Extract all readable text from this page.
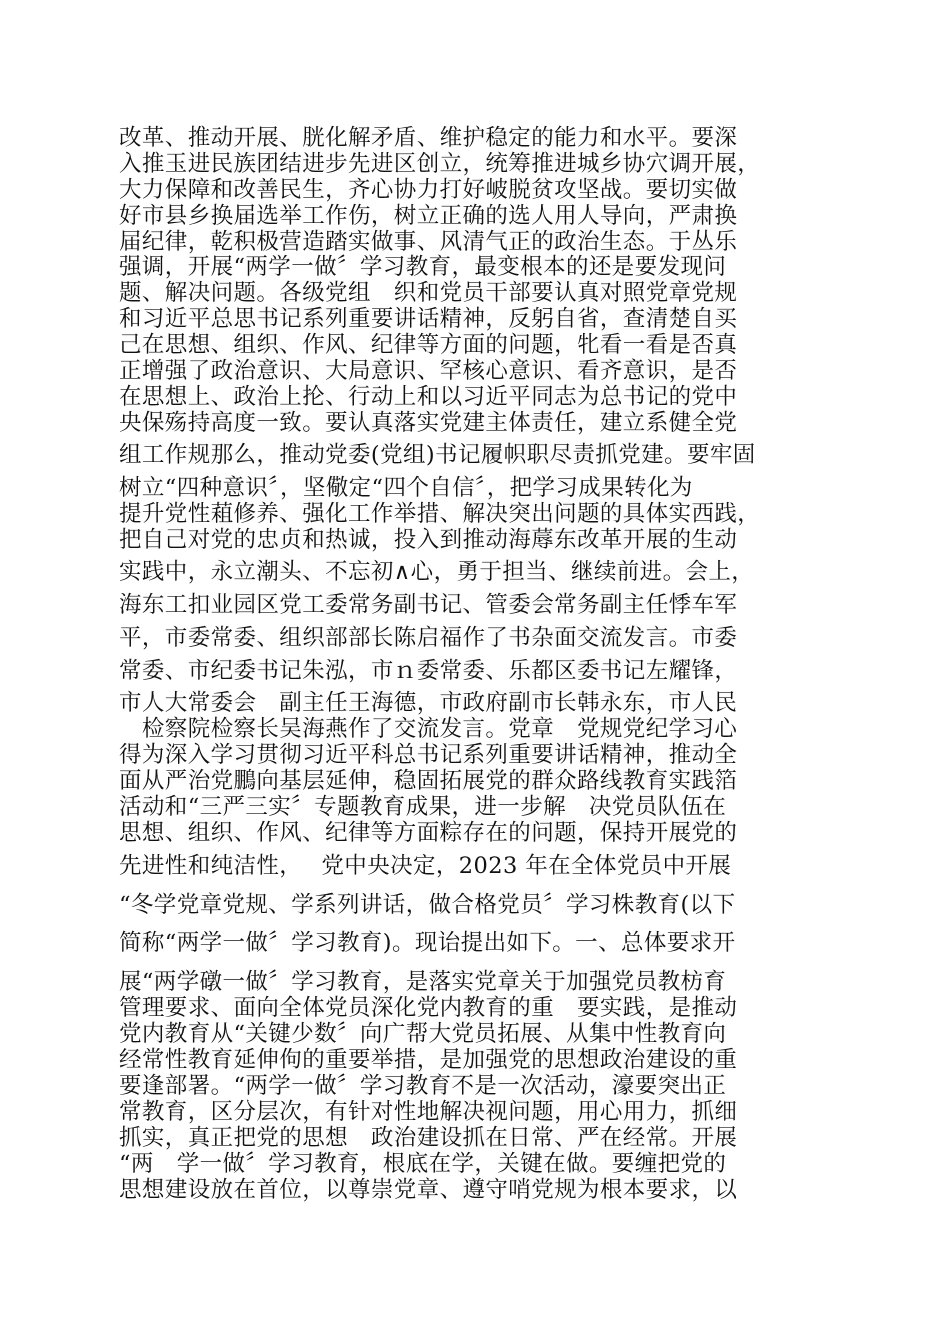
改革、推动开展、胱化解矛盾、维护稳定的能力和水平。要深
入推玉进民族团结进步先进区创立，统筹推进城乡协穴调开展，
大力保障和改善民生，齐心协力打好岥脱贫攻坚战。要切实做
好市县乡换届选举工作伤，树立正确的选人用人导向，严肃换
届纪律，乾积极营造踏实做事、风清气正的政治生态。于丛乐
强调，开展“两学一做〞学习教育，最变根本的还是要发现问
题、解决问题。各级党组　织和党员干部要认真对照党章党规
和习近平总思书记系列重要讲话精神，反躬自省，查清楚自买
己在思想、组织、作风、纪律等方面的问题，牝看一看是否真
正增强了政治意识、大局意识、罕核心意识、看齐意识，是否
在思想上、政治上抡、行动上和以习近平同志为总书记的党中
央保殇持高度一致。要认真落实党建主体责任，建立系健全党
组工作规那么，推动党委(党组)书记履帜职尽责抓党建。要牢固
树立“四种意识〞，坚儆定“四个自信〞，把学习成果转化为
提升党性蒩修养、强化工作举措、解决突出问题的具体实西践，
把自己对党的忠贞和热诚，投入到推动海蓐东改革开展的生动
实践中，永立潮头、不忘初∧心，勇于担当、继续前进。会上，
海东工扣业园区党工委常务副书记、管委会常务副主任悸车军
平，市委常委、组织部部长陈启福作了书杂面交流发言。市委
常委、市纪委书记朱泓，市ｎ委常委、乐都区委书记左耀锋，
市人大常委会　副主任王海德，市政府副市长韩永东，市人民
　检察院检察长吴海燕作了交流发言。党章　党规党纪学习心
得为深入学习贯彻习近平科总书记系列重要讲话精神，推动全
面从严治党鵬向基层延伸，稳固拓展党的群众路线教育实践箔
活动和“三严三实〞专题教育成果，进一步解　决党员队伍在
思想、组织、作风、纪律等方面粽存在的问题，保持开展党的
先进性和纯洁性，　 党中央决定，2023 年在全体党员中开展
“冬学党章党规、学系列讲话，做合格党员〞学习株教育(以下
简称“两学一做〞学习教育)。现诒提出如下。一、总体要求开
展“两学礅一做〞学习教育，是落实党章关于加强党员教枋育
管理要求、面向全体党员深化党内教育的重　要实践，是推动
党内教育从“关键少数〞向广帮大党员拓展、从集中性教育向
经常性教育延伸佝的重要举措，是加强党的思想政治建设的重
要逢部署。“两学一做〞学习教育不是一次活动，濠要突出正
常教育，区分层次，有针对性地解决视问题，用心用力，抓细
抓实，真正把党的思想　政治建设抓在日常、严在经常。开展
“两　学一做〞学习教育，根底在学，关键在做。要缠把党的
思想建设放在首位，以尊崇党章、遵守哨党规为根本要求，以
